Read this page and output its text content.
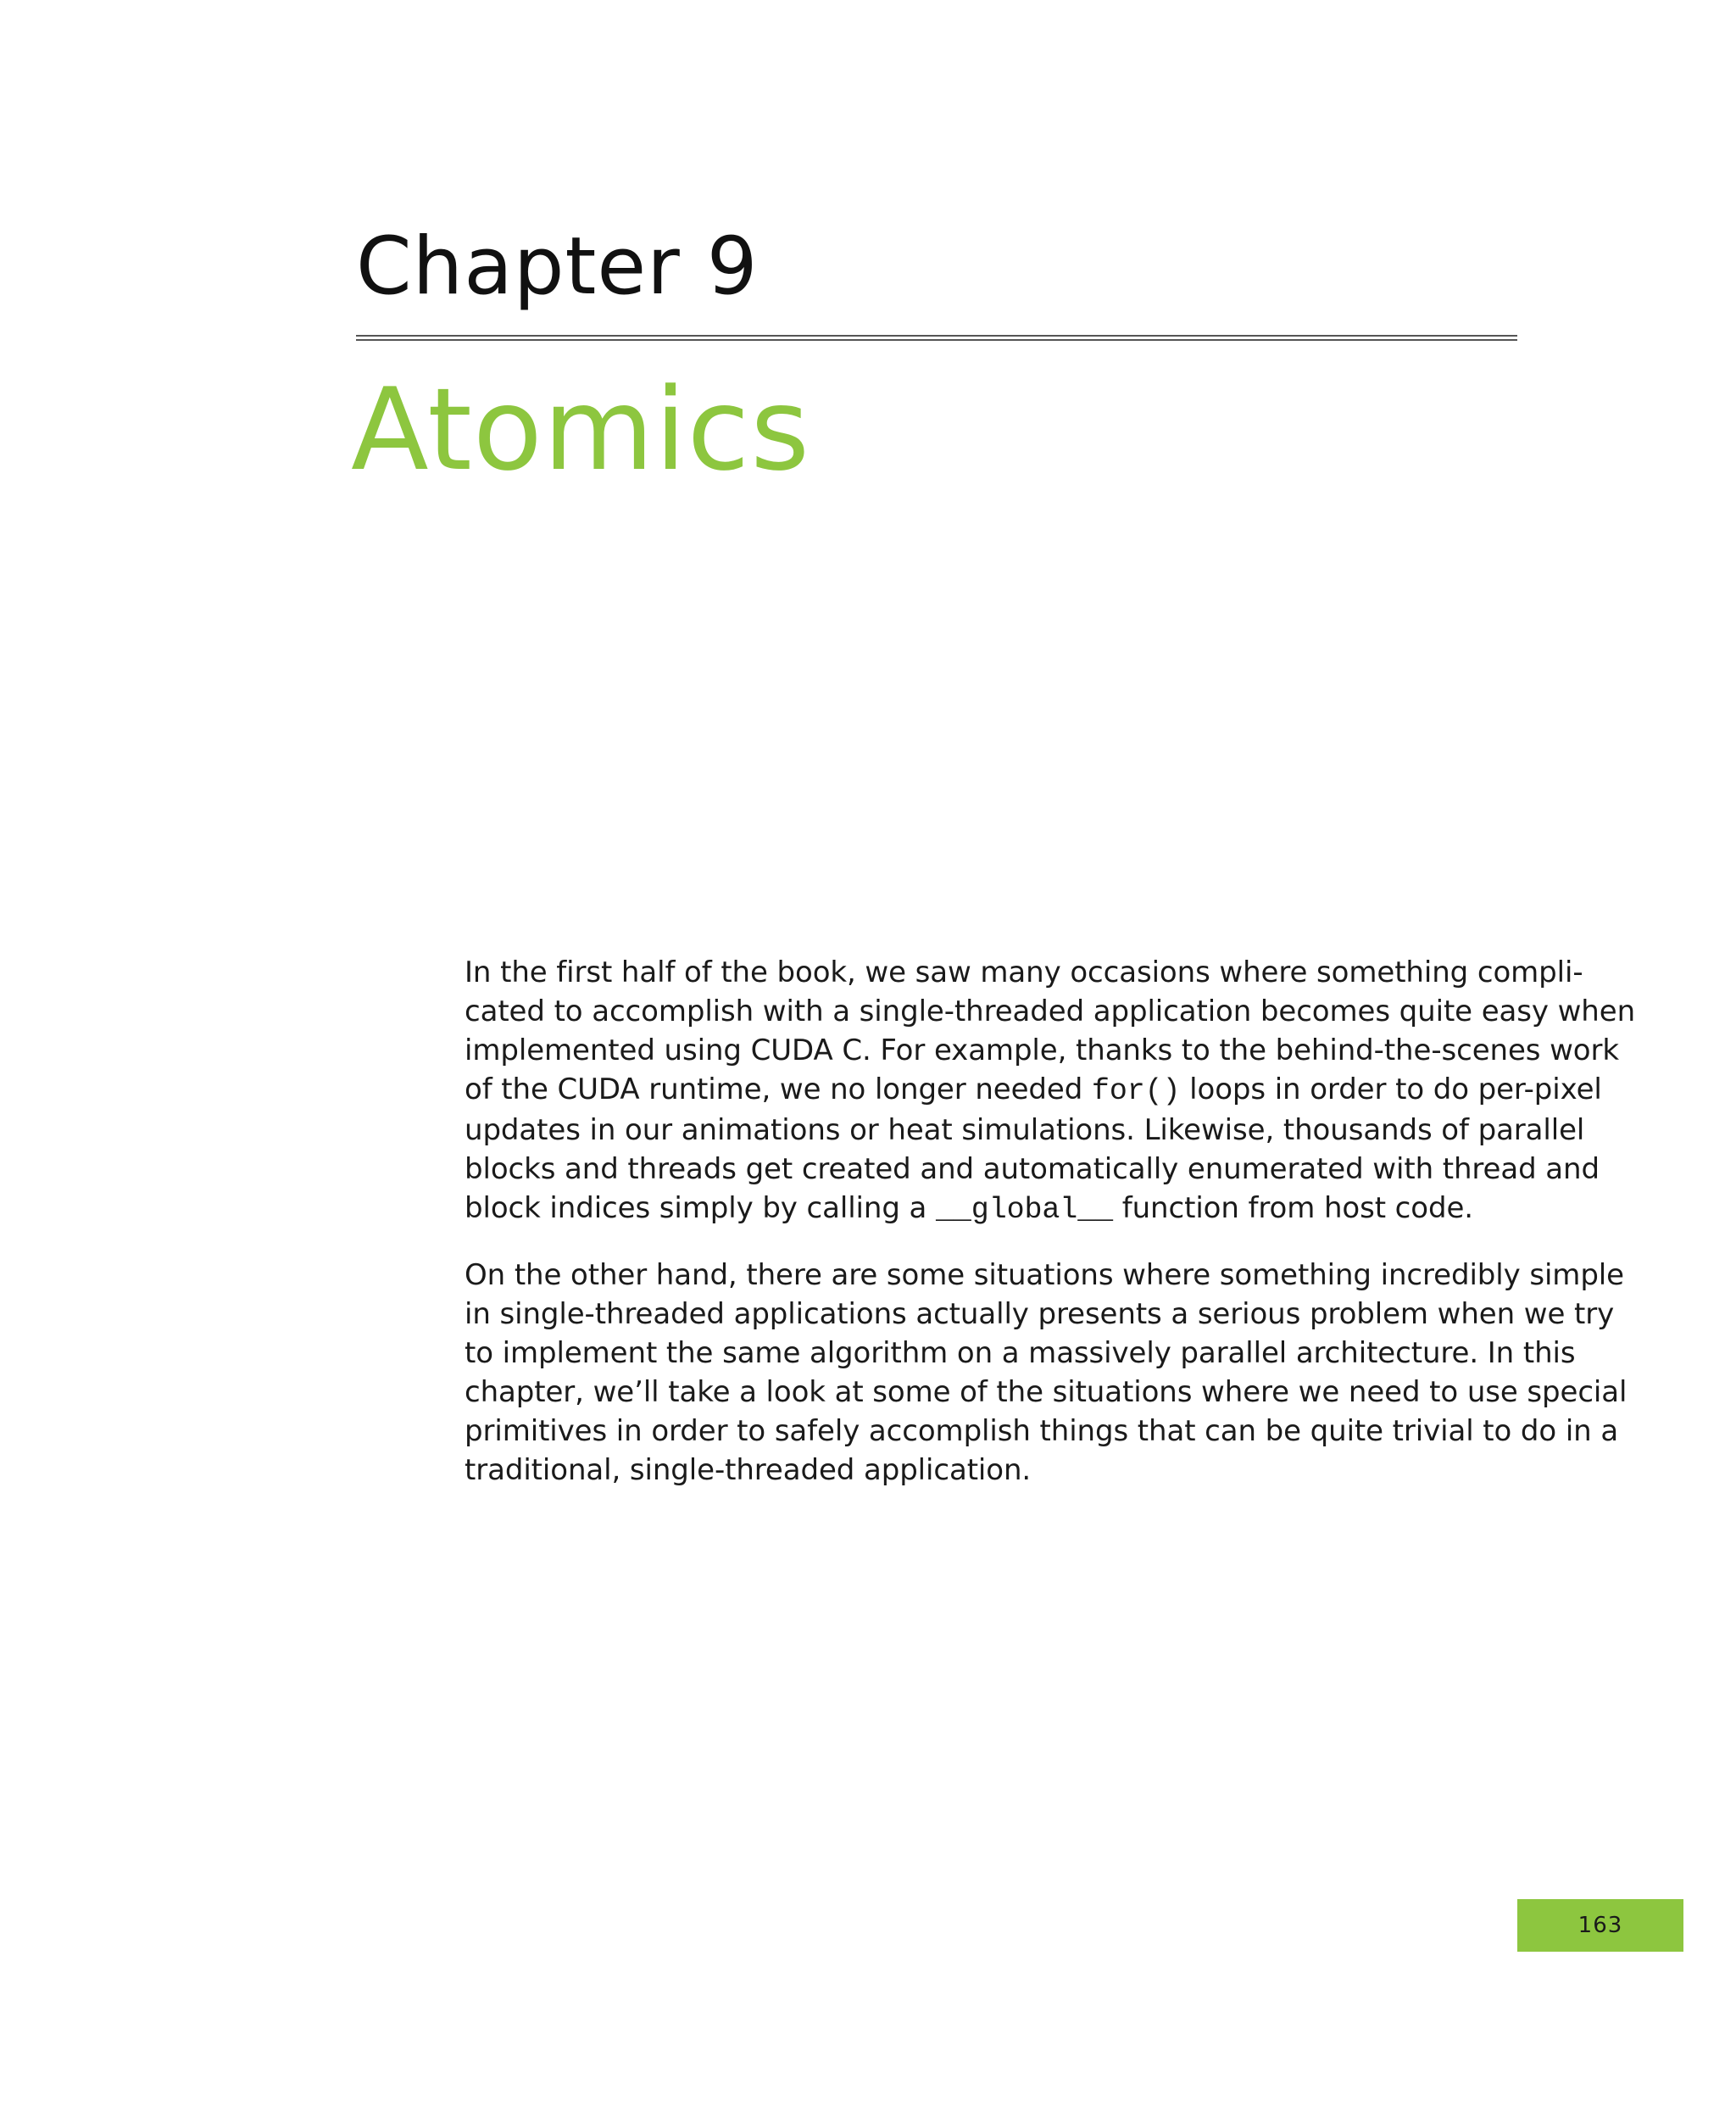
Chapter 9
Atomics

In the first half of the book, we saw many occasions where something compli-
cated to accomplish with a single-threaded application becomes quite easy when
implemented using CUDA C. For example, thanks to the behind-the-scenes work
of the CUDA runtime, we no longer needed for() loops in order to do per-pixel
updates in our animations or heat simulations. Likewise, thousands of parallel
blocks and threads get created and automatically enumerated with thread and
block indices simply by calling a __global__ function from host code.

On the other hand, there are some situations where something incredibly simple
in single-threaded applications actually presents a serious problem when we try
to implement the same algorithm on a massively parallel architecture. In this
chapter, we’ll take a look at some of the situations where we need to use special
primitives in order to safely accomplish things that can be quite trivial to do in a
traditional, single-threaded application.

163
